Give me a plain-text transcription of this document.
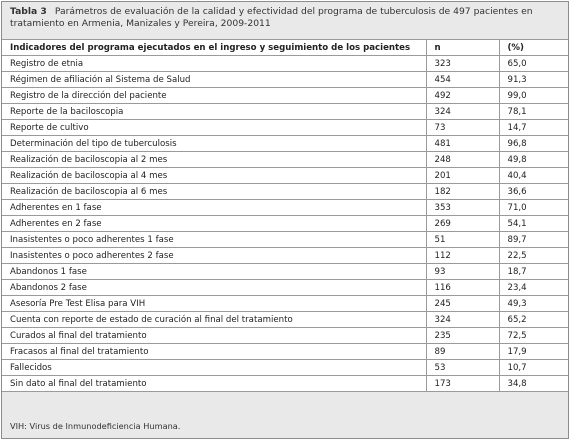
Tabla 3 Parámetros de evaluación de la calidad y efectividad del programa de tuberculosis de 497 pacientes en tratamiento en Armenia, Manizales y Pereira, 2009-2011
Indicadores del programa ejecutados en el ingreso y seguimiento de los pacientes	n	(%)
Registro de etnia	323	65,0
Régimen de afiliación al Sistema de Salud	454	91,3
Registro de la dirección del paciente	492	99,0
Reporte de la baciloscopia	324	78,1
Reporte de cultivo	73	14,7
Determinación del tipo de tuberculosis	481	96,8
Realización de baciloscopia al 2 mes	248	49,8
Realización de baciloscopia al 4 mes	201	40,4
Realización de baciloscopia al 6 mes	182	36,6
Adherentes en 1 fase	353	71,0
Adherentes en 2 fase	269	54,1
Inasistentes o poco adherentes 1 fase	51	89,7
Inasistentes o poco adherentes 2 fase	112	22,5
Abandonos 1 fase	93	18,7
Abandonos 2 fase	116	23,4
Asesoría Pre Test Elisa para VIH	245	49,3
Cuenta con reporte de estado de curación al final del tratamiento	324	65,2
Curados al final del tratamiento	235	72,5
Fracasos al final del tratamiento	89	17,9
Fallecidos	53	10,7
Sin dato al final del tratamiento	173	34,8
VIH: Virus de Inmunodeficiencia Humana.
